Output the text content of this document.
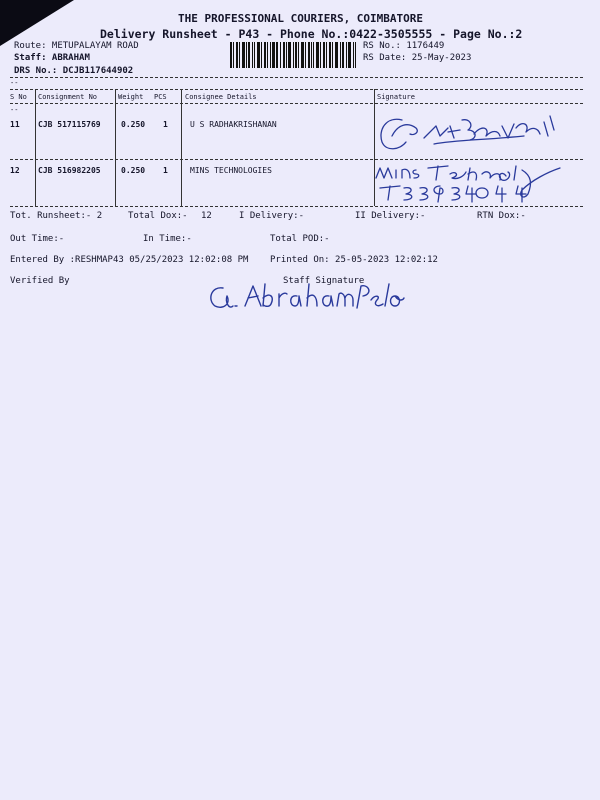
THE PROFESSIONAL COURIERS, COIMBATORE
Delivery Runsheet - P43 - Phone No.:0422-3505555 - Page No.:2
Route: METUPALAYAM ROAD
Staff: ABRAHAM
DRS No.: DCJB117644902
RS No.: 1176449
RS Date: 25-May-2023
--
S No Consignment No	Weight PCS	Consignee Details	Signature
--
11 CJB 517115769	0.250 1	U S RADHAKRISHANAN
12 CJB 516982205	0.250 1	MINS TECHNOLOGIES
Tot. Runsheet:- 2	Total Dox:- 12	I Delivery:-	II Delivery:-	RTN Dox:-
Out Time:-	In Time:-	Total POD:-
Entered By :RESHMAP43 05/25/2023 12:02:08 PM Printed On: 25-05-2023 12:02:12
Verified By	Staff Signature
